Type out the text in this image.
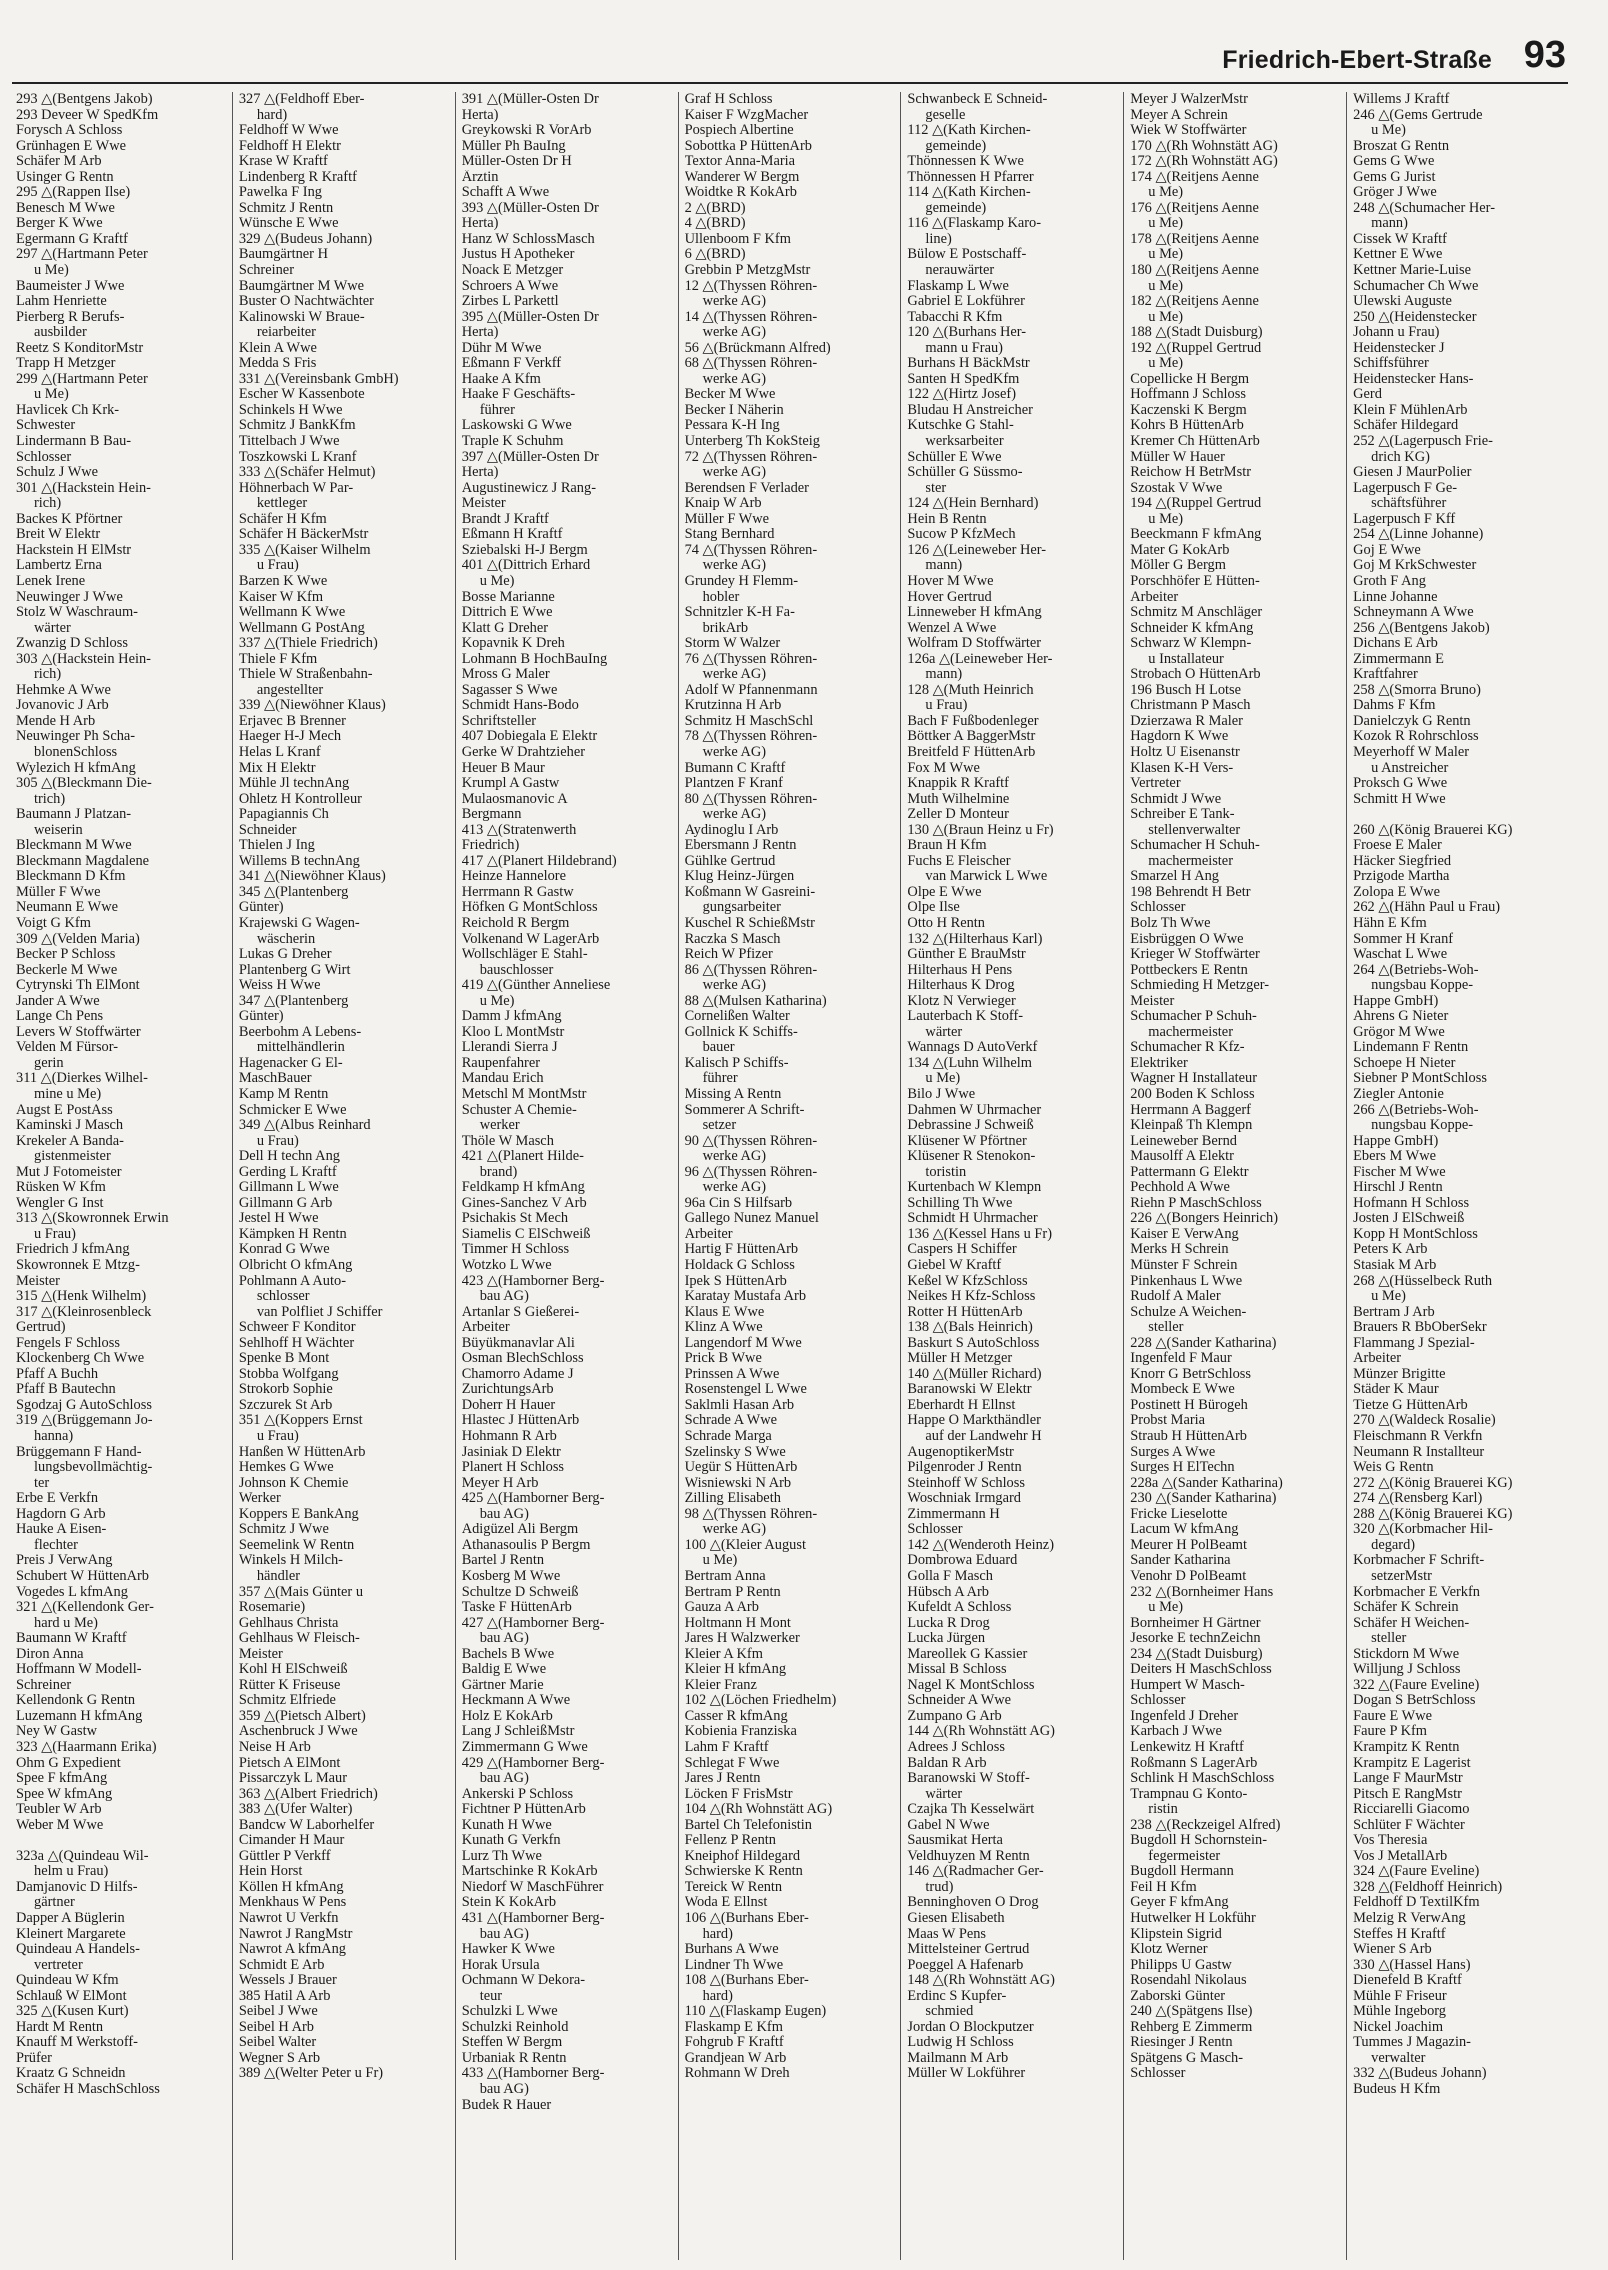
Friedrich-Ebert-Straße 93
293 △(Bentgens Jakob)
293 Deveer W SpedKfm
Forysch A Schloss
Grünhagen E Wwe
Schäfer M Arb
Usinger G Rentn
295 △(Rappen Ilse)
Benesch M Wwe
Berger K Wwe
Egermann G Kraftf
297 △(Hartmann Peter
u Me)
Baumeister J Wwe
Lahm Henriette
Pierberg R Berufs-
ausbilder
Reetz S KonditorMstr
Trapp H Metzger
299 △(Hartmann Peter
u Me)
Havlicek Ch Krk-
Schwester
Lindermann B Bau-
Schlosser
Schulz J Wwe
301 △(Hackstein Hein-
rich)
Backes K Pförtner
Breit W Elektr
Hackstein H ElMstr
Lambertz Erna
Lenek Irene
Neuwinger J Wwe
Stolz W Waschraum-
wärter
Zwanzig D Schloss
303 △(Hackstein Hein-
rich)
Hehmke A Wwe
Jovanovic J Arb
Mende H Arb
Neuwinger Ph Scha-
blonenSchloss
Wylezich H kfmAng
305 △(Bleckmann Die-
trich)
Baumann J Platzan-
weiserin
Bleckmann M Wwe
Bleckmann Magdalene
Bleckmann D Kfm
Müller F Wwe
Neumann E Wwe
Voigt G Kfm
309 △(Velden Maria)
Becker P Schloss
Beckerle M Wwe
Cytrynski Th ElMont
Jander A Wwe
Lange Ch Pens
Levers W Stoffwärter
Velden M Fürsor-
gerin
311 △(Dierkes Wilhel-
mine u Me)
Augst E PostAss
Kaminski J Masch
Krekeler A Banda-
gistenmeister
Mut J Fotomeister
Rüsken W Kfm
Wengler G Inst
313 △(Skowronnek Erwin
u Frau)
Friedrich J kfmAng
Skowronnek E Mtzg-
Meister
315 △(Henk Wilhelm)
317 △(Kleinrosenbleck
Gertrud)
Fengels F Schloss
Klockenberg Ch Wwe
Pfaff A Buchh
Pfaff B Bautechn
Sgodzaj G AutoSchloss
319 △(Brüggemann Jo-
hanna)
Brüggemann F Hand-
lungsbevollmächtig-
ter
Erbe E Verkfn
Hagdorn G Arb
Hauke A Eisen-
flechter
Preis J VerwAng
Schubert W HüttenArb
Vogedes L kfmAng
321 △(Kellendonk Ger-
hard u Me)
Baumann W Kraftf
Diron Anna
Hoffmann W Modell-
Schreiner
Kellendonk G Rentn
Luzemann H kfmAng
Ney W Gastw
323 △(Haarmann Erika)
Ohm G Expedient
Spee F kfmAng
Spee W kfmAng
Teubler W Arb
Weber M Wwe

323a △(Quindeau Wil-
helm u Frau)
Damjanovic D Hilfs-
gärtner
Dapper A Büglerin
Kleinert Margarete
Quindeau A Handels-
vertreter
Quindeau W Kfm
Schlauß W ElMont
325 △(Kusen Kurt)
Hardt M Rentn
Knauff M Werkstoff-
Prüfer
Kraatz G Schneidn
Schäfer H MaschSchloss
327 △(Feldhoff Eber-
hard)
Feldhoff W Wwe
Feldhoff H Elektr
Krase W Kraftf
Lindenberg R Kraftf
Pawelka F Ing
Schmitz J Rentn
Wünsche E Wwe
329 △(Budeus Johann)
Baumgärtner H
Schreiner
Baumgärtner M Wwe
Buster O Nachtwächter
Kalinowski W Braue-
reiarbeiter
Klein A Wwe
Medda S Fris
331 △(Vereinsbank GmbH)
Escher W Kassenbote
Schinkels H Wwe
Schmitz J BankKfm
Tittelbach J Wwe
Toszkowski L Kranf
333 △(Schäfer Helmut)
Höhnerbach W Par-
kettleger
Schäfer H Kfm
Schäfer H BäckerMstr
335 △(Kaiser Wilhelm
u Frau)
Barzen K Wwe
Kaiser W Kfm
Wellmann K Wwe
Wellmann G PostAng
337 △(Thiele Friedrich)
Thiele F Kfm
Thiele W Straßenbahn-
angestellter
339 △(Niewöhner Klaus)
Erjavec B Brenner
Haeger H-J Mech
Helas L Kranf
Mix H Elektr
Mühle Jl technAng
Ohletz H Kontrolleur
Papagiannis Ch
Schneider
Thielen J Ing
Willems B technAng
341 △(Niewöhner Klaus)
345 △(Plantenberg
Günter)
Krajewski G Wagen-
wäscherin
Lukas G Dreher
Plantenberg G Wirt
Weiss H Wwe
347 △(Plantenberg
Günter)
Beerbohm A Lebens-
mittelhändlerin
Hagenacker G El-
MaschBauer
Kamp M Rentn
Schmicker E Wwe
349 △(Albus Reinhard
u Frau)
Dell H techn Ang
Gerding L Kraftf
Gillmann L Wwe
Gillmann G Arb
Jestel H Wwe
Kämpken H Rentn
Konrad G Wwe
Olbricht O kfmAng
Pohlmann A Auto-
schlosser
van Polfliet J Schiffer
Schweer F Konditor
Sehlhoff H Wächter
Spenke B Mont
Stobba Wolfgang
Strokorb Sophie
Szczurek St Arb
351 △(Koppers Ernst
u Frau)
Hanßen W HüttenArb
Hemkes G Wwe
Johnson K Chemie
Werker
Koppers E BankAng
Schmitz J Wwe
Seemelink W Rentn
Winkels H Milch-
händler
357 △(Mais Günter u
Rosemarie)
Gehlhaus Christa
Gehlhaus W Fleisch-
Meister
Kohl H ElSchweiß
Rütter K Friseuse
Schmitz Elfriede
359 △(Pietsch Albert)
Aschenbruck J Wwe
Neise H Arb
Pietsch A ElMont
Pissarczyk L Maur
363 △(Albert Friedrich)
383 △(Ufer Walter)
Bandcw W Laborhelfer
Cimander H Maur
Güttler P Verkff
Hein Horst
Köllen H kfmAng
Menkhaus W Pens
Nawrot U Verkfn
Nawrot J RangMstr
Nawrot A kfmAng
Schmidt E Arb
Wessels J Brauer
385 Hatil A Arb
Seibel J Wwe
Seibel H Arb
Seibel Walter
Wegner S Arb
389 △(Welter Peter u Fr)
391 △(Müller-Osten Dr
Herta)
Greykowski R VorArb
Müller Ph BauIng
Müller-Osten Dr H
Ärztin
Schafft A Wwe
393 △(Müller-Osten Dr
Herta)
Hanz W SchlossMasch
Justus H Apotheker
Noack E Metzger
Schroers A Wwe
Zirbes L Parkettl
395 △(Müller-Osten Dr
Herta)
Dühr M Wwe
Eßmann F Verkff
Haake A Kfm
Haake F Geschäfts-
führer
Laskowski G Wwe
Traple K Schuhm
397 △(Müller-Osten Dr
Herta)
Augustinewicz J Rang-
Meister
Brandt J Kraftf
Eßmann H Kraftf
Sziebalski H-J Bergm
401 △(Dittrich Erhard
u Me)
Bosse Marianne
Dittrich E Wwe
Klatt G Dreher
Kopavnik K Dreh
Lohmann B HochBauIng
Mross G Maler
Sagasser S Wwe
Schmidt Hans-Bodo
Schriftsteller
407 Dobiegala E Elektr
Gerke W Drahtzieher
Heuer B Maur
Krumpl A Gastw
Mulaosmanovic A
Bergmann
413 △(Stratenwerth
Friedrich)
417 △(Planert Hildebrand)
Heinze Hannelore
Herrmann R Gastw
Höfken G MontSchloss
Reichold R Bergm
Volkenand W LagerArb
Wollschläger E Stahl-
bauschlosser
419 △(Günther Anneliese
u Me)
Damm J kfmAng
Kloo L MontMstr
Llerandi Sierra J
Raupenfahrer
Mandau Erich
Metschl M MontMstr
Schuster A Chemie-
werker
Thöle W Masch
421 △(Planert Hilde-
brand)
Feldkamp H kfmAng
Gines-Sanchez V Arb
Psichakis St Mech
Siamelis C ElSchweiß
Timmer H Schloss
Wotzko L Wwe
423 △(Hamborner Berg-
bau AG)
Artanlar S Gießerei-
Arbeiter
Büyükmanavlar Ali
Osman BlechSchloss
Chamorro Adame J
ZurichtungsArb
Doherr H Hauer
Hlastec J HüttenArb
Hohmann R Arb
Jasiniak D Elektr
Planert H Schloss
Meyer H Arb
425 △(Hamborner Berg-
bau AG)
Adigüzel Ali Bergm
Athanasoulis P Bergm
Bartel J Rentn
Kosberg M Wwe
Schultze D Schweiß
Taske F HüttenArb
427 △(Hamborner Berg-
bau AG)
Bachels B Wwe
Baldig E Wwe
Gärtner Marie
Heckmann A Wwe
Holz E KokArb
Lang J SchleißMstr
Zimmermann G Wwe
429 △(Hamborner Berg-
bau AG)
Ankerski P Schloss
Fichtner P HüttenArb
Kunath H Wwe
Kunath G Verkfn
Lurz Th Wwe
Martschinke R KokArb
Niedorf W MaschFührer
Stein K KokArb
431 △(Hamborner Berg-
bau AG)
Hawker K Wwe
Horak Ursula
Ochmann W Dekora-
teur
Schulzki L Wwe
Schulzki Reinhold
Steffen W Bergm
Urbaniak R Rentn
433 △(Hamborner Berg-
bau AG)
Budek R Hauer
Graf H Schloss
Kaiser F WzgMacher
Pospiech Albertine
Sobottka P HüttenArb
Textor Anna-Maria
Wanderer W Bergm
Woidtke R KokArb
2 △(BRD)
4 △(BRD)
Ullenboom F Kfm
6 △(BRD)
Grebbin P MetzgMstr
12 △(Thyssen Röhren-
werke AG)
14 △(Thyssen Röhren-
werke AG)
56 △(Brückmann Alfred)
68 △(Thyssen Röhren-
werke AG)
Becker M Wwe
Becker I Näherin
Pessara K-H Ing
Unterberg Th KokSteig
72 △(Thyssen Röhren-
werke AG)
Berendsen F Verlader
Knaip W Arb
Müller F Wwe
Stang Bernhard
74 △(Thyssen Röhren-
werke AG)
Grundey H Flemm-
hobler
Schnitzler K-H Fa-
brikArb
Storm W Walzer
76 △(Thyssen Röhren-
werke AG)
Adolf W Pfannenmann
Krutzinna H Arb
Schmitz H MaschSchl
78 △(Thyssen Röhren-
werke AG)
Bumann C Kraftf
Plantzen F Kranf
80 △(Thyssen Röhren-
werke AG)
Aydinoglu I Arb
Ebersmann J Rentn
Gühlke Gertrud
Klug Heinz-Jürgen
Koßmann W Gasreini-
gungsarbeiter
Kuschel R SchießMstr
Raczka S Masch
Reich W Pfizer
86 △(Thyssen Röhren-
werke AG)
88 △(Mulsen Katharina)
Cornelißen Walter
Gollnick K Schiffs-
bauer
Kalisch P Schiffs-
führer
Missing A Rentn
Sommerer A Schrift-
setzer
90 △(Thyssen Röhren-
werke AG)
96 △(Thyssen Röhren-
werke AG)
96a Cin S Hilfsarb
Gallego Nunez Manuel
Arbeiter
Hartig F HüttenArb
Holdack G Schloss
Ipek S HüttenArb
Karatay Mustafa Arb
Klaus E Wwe
Klinz A Wwe
Langendorf M Wwe
Prick B Wwe
Prinssen A Wwe
Rosenstengel L Wwe
Saklmli Hasan Arb
Schrade A Wwe
Schrade Marga
Szelinsky S Wwe
Uegür S HüttenArb
Wisniewski N Arb
Zilling Elisabeth
98 △(Thyssen Röhren-
werke AG)
100 △(Kleier August
u Me)
Bertram Anna
Bertram P Rentn
Gauza A Arb
Holtmann H Mont
Jares H Walzwerker
Kleier A Kfm
Kleier H kfmAng
Kleier Franz
102 △(Löchen Friedhelm)
Casser R kfmAng
Kobienia Franziska
Lahm F Kraftf
Schlegat F Wwe
Jares J Rentn
Löcken F FrisMstr
104 △(Rh Wohnstätt AG)
Bartel Ch Telefonistin
Fellenz P Rentn
Kneiphof Hildegard
Schwierske K Rentn
Tereick W Rentn
Woda E Ellnst
106 △(Burhans Eber-
hard)
Burhans A Wwe
Lindner Th Wwe
108 △(Burhans Eber-
hard)
110 △(Flaskamp Eugen)
Flaskamp E Kfm
Fohgrub F Kraftf
Grandjean W Arb
Rohmann W Dreh
Schwanbeck E Schneid-
geselle
112 △(Kath Kirchen-
gemeinde)
Thönnessen K Wwe
Thönnessen H Pfarrer
114 △(Kath Kirchen-
gemeinde)
116 △(Flaskamp Karo-
line)
Bülow E Postschaff-
nerauwärter
Flaskamp L Wwe
Gabriel E Lokführer
Tabacchi R Kfm
120 △(Burhans Her-
mann u Frau)
Burhans H BäckMstr
Santen H SpedKfm
122 △(Hirtz Josef)
Bludau H Anstreicher
Kutschke G Stahl-
werksarbeiter
Schüller E Wwe
Schüller G Süssmo-
ster
124 △(Hein Bernhard)
Hein B Rentn
Sucow P KfzMech
126 △(Leineweber Her-
mann)
Hover M Wwe
Hover Gertrud
Linneweber H kfmAng
Wenzel A Wwe
Wolfram D Stoffwärter
126a △(Leineweber Her-
mann)
128 △(Muth Heinrich
u Frau)
Bach F Fußbodenleger
Böttker A BaggerMstr
Breitfeld F HüttenArb
Fox M Wwe
Knappik R Kraftf
Muth Wilhelmine
Zeller D Monteur
130 △(Braun Heinz u Fr)
Braun H Kfm
Fuchs E Fleischer
van Marwick L Wwe
Olpe E Wwe
Olpe Ilse
Otto H Rentn
132 △(Hilterhaus Karl)
Günther E BrauMstr
Hilterhaus H Pens
Hilterhaus K Drog
Klotz N Verwieger
Lauterbach K Stoff-
wärter
Wannags D AutoVerkf
134 △(Luhn Wilhelm
u Me)
Bilo J Wwe
Dahmen W Uhrmacher
Debrassine J Schweiß
Klüsener W Pförtner
Klüsener R Stenokon-
toristin
Kurtenbach W Klempn
Schilling Th Wwe
Schmidt H Uhrmacher
136 △(Kessel Hans u Fr)
Caspers H Schiffer
Giebel W Kraftf
Keßel W KfzSchloss
Neikes H Kfz-Schloss
Rotter H HüttenArb
138 △(Bals Heinrich)
Baskurt S AutoSchloss
Müller H Metzger
140 △(Müller Richard)
Baranowski W Elektr
Eberhardt H Ellnst
Happe O Markthändler
auf der Landwehr H
AugenoptikerMstr
Pilgenroder J Rentn
Steinhoff W Schloss
Woschniak Irmgard
Zimmermann H
Schlosser
142 △(Wenderoth Heinz)
Dombrowa Eduard
Golla F Masch
Hübsch A Arb
Kufeldt A Schloss
Lucka R Drog
Lucka Jürgen
Mareollek G Kassier
Missal B Schloss
Nagel K MontSchloss
Schneider A Wwe
Zumpano G Arb
144 △(Rh Wohnstätt AG)
Adrees J Schloss
Baldan R Arb
Baranowski W Stoff-
wärter
Czajka Th Kesselwärt
Gabel N Wwe
Sausmikat Herta
Veldhuyzen M Rentn
146 △(Radmacher Ger-
trud)
Benninghoven O Drog
Giesen Elisabeth
Maas W Pens
Mittelsteiner Gertrud
Poeggel A Hafenarb
148 △(Rh Wohnstätt AG)
Erdinc S Kupfer-
schmied
Jordan O Blockputzer
Ludwig H Schloss
Mailmann M Arb
Müller W Lokführer
Meyer J WalzerMstr
Meyer A Schrein
Wiek W Stoffwärter
170 △(Rh Wohnstätt AG)
172 △(Rh Wohnstätt AG)
174 △(Reitjens Aenne
u Me)
176 △(Reitjens Aenne
u Me)
178 △(Reitjens Aenne
u Me)
180 △(Reitjens Aenne
u Me)
182 △(Reitjens Aenne
u Me)
188 △(Stadt Duisburg)
192 △(Ruppel Gertrud
u Me)
Copellicke H Bergm
Hoffmann J Schloss
Kaczenski K Bergm
Kohrs B HüttenArb
Kremer Ch HüttenArb
Müller W Hauer
Reichow H BetrMstr
Szostak V Wwe
194 △(Ruppel Gertrud
u Me)
Beeckmann F kfmAng
Mater G KokArb
Möller G Bergm
Porschhöfer E Hütten-
Arbeiter
Schmitz M Anschläger
Schneider K kfmAng
Schwarz W Klempn-
u Installateur
Strobach O HüttenArb
196 Busch H Lotse
Christmann P Masch
Dzierzawa R Maler
Hagdorn K Wwe
Holtz U Eisenanstr
Klasen K-H Vers-
Vertreter
Schmidt J Wwe
Schreiber E Tank-
stellenverwalter
Schumacher H Schuh-
machermeister
Smarzel H Ang
198 Behrendt H Betr
Schlosser
Bolz Th Wwe
Eisbrüggen O Wwe
Krieger W Stoffwärter
Pottbeckers E Rentn
Schmieding H Metzger-
Meister
Schumacher P Schuh-
machermeister
Schumacher R Kfz-
Elektriker
Wagner H Installateur
200 Boden K Schloss
Herrmann A Baggerf
Kleinpaß Th Klempn
Leineweber Bernd
Mausolff A Elektr
Pattermann G Elektr
Pechhold A Wwe
Riehn P MaschSchloss
226 △(Bongers Heinrich)
Kaiser E VerwAng
Merks H Schrein
Münster F Schrein
Pinkenhaus L Wwe
Rudolf A Maler
Schulze A Weichen-
steller
228 △(Sander Katharina)
Ingenfeld F Maur
Knorr G BetrSchloss
Mombeck E Wwe
Postinett H Bürogeh
Probst Maria
Straub H HüttenArb
Surges A Wwe
Surges H ElTechn
228a △(Sander Katharina)
230 △(Sander Katharina)
Fricke Lieselotte
Lacum W kfmAng
Meurer H PolBeamt
Sander Katharina
Venohr D PolBeamt
232 △(Bornheimer Hans
u Me)
Bornheimer H Gärtner
Jesorke E technZeichn
234 △(Stadt Duisburg)
Deiters H MaschSchloss
Humpert W Masch-
Schlosser
Ingenfeld J Dreher
Karbach J Wwe
Lenkewitz H Kraftf
Roßmann S LagerArb
Schlink H MaschSchloss
Trampnau G Konto-
ristin
238 △(Reckzeigel Alfred)
Bugdoll H Schornstein-
fegermeister
Bugdoll Hermann
Feil H Kfm
Geyer F kfmAng
Hutwelker H Lokführ
Klipstein Sigrid
Klotz Werner
Philipps U Gastw
Rosendahl Nikolaus
Zaborski Günter
240 △(Spätgens Ilse)
Rehberg E Zimmerm
Riesinger J Rentn
Spätgens G Masch-
Schlosser
Willems J Kraftf
246 △(Gems Gertrude
u Me)
Broszat G Rentn
Gems G Wwe
Gems G Jurist
Gröger J Wwe
248 △(Schumacher Her-
mann)
Cissek W Kraftf
Kettner E Wwe
Kettner Marie-Luise
Schumacher Ch Wwe
Ulewski Auguste
250 △(Heidenstecker
Johann u Frau)
Heidenstecker J
Schiffsführer
Heidenstecker Hans-
Gerd
Klein F MühlenArb
Schäfer Hildegard
252 △(Lagerpusch Frie-
drich KG)
Giesen J MaurPolier
Lagerpusch F Ge-
schäftsführer
Lagerpusch F Kff
254 △(Linne Johanne)
Goj E Wwe
Goj M KrkSchwester
Groth F Ang
Linne Johanne
Schneymann A Wwe
256 △(Bentgens Jakob)
Dichans E Arb
Zimmermann E
Kraftfahrer
258 △(Smorra Bruno)
Dahms F Kfm
Danielczyk G Rentn
Kozok R Rohrschloss
Meyerhoff W Maler
u Anstreicher
Proksch G Wwe
Schmitt H Wwe

260 △(König Brauerei KG)
Froese E Maler
Häcker Siegfried
Przigode Martha
Zolopa E Wwe
262 △(Hähn Paul u Frau)
Hähn E Kfm
Sommer H Kranf
Waschat L Wwe
264 △(Betriebs-Woh-
nungsbau Koppe-
Happe GmbH)
Ahrens G Nieter
Grögor M Wwe
Lindemann F Rentn
Schoepe H Nieter
Siebner P MontSchloss
Ziegler Antonie
266 △(Betriebs-Woh-
nungsbau Koppe-
Happe GmbH)
Ebers M Wwe
Fischer M Wwe
Hirschl J Rentn
Hofmann H Schloss
Josten J ElSchweiß
Kopp H MontSchloss
Peters K Arb
Stasiak M Arb
268 △(Hüsselbeck Ruth
u Me)
Bertram J Arb
Brauers R BbOberSekr
Flammang J Spezial-
Arbeiter
Münzer Brigitte
Städer K Maur
Tietze G HüttenArb
270 △(Waldeck Rosalie)
Fleischmann R Verkfn
Neumann R Installteur
Weis G Rentn
272 △(König Brauerei KG)
274 △(Rensberg Karl)
288 △(König Brauerei KG)
320 △(Korbmacher Hil-
degard)
Korbmacher F Schrift-
setzerMstr
Korbmacher E Verkfn
Schäfer K Schrein
Schäfer H Weichen-
steller
Stickdorn M Wwe
Willjung J Schloss
322 △(Faure Eveline)
Dogan S BetrSchloss
Faure E Wwe
Faure P Kfm
Krampitz K Rentn
Krampitz E Lagerist
Lange F MaurMstr
Pitsch E RangMstr
Ricciarelli Giacomo
Schlüter F Wächter
Vos Theresia
Vos J MetallArb
324 △(Faure Eveline)
328 △(Feldhoff Heinrich)
Feldhoff D TextilKfm
Melzig R VerwAng
Steffes H Kraftf
Wiener S Arb
330 △(Hassel Hans)
Dienefeld B Kraftf
Mühle F Friseur
Mühle Ingeborg
Nickel Joachim
Tummes J Magazin-
verwalter
332 △(Budeus Johann)
Budeus H Kfm
